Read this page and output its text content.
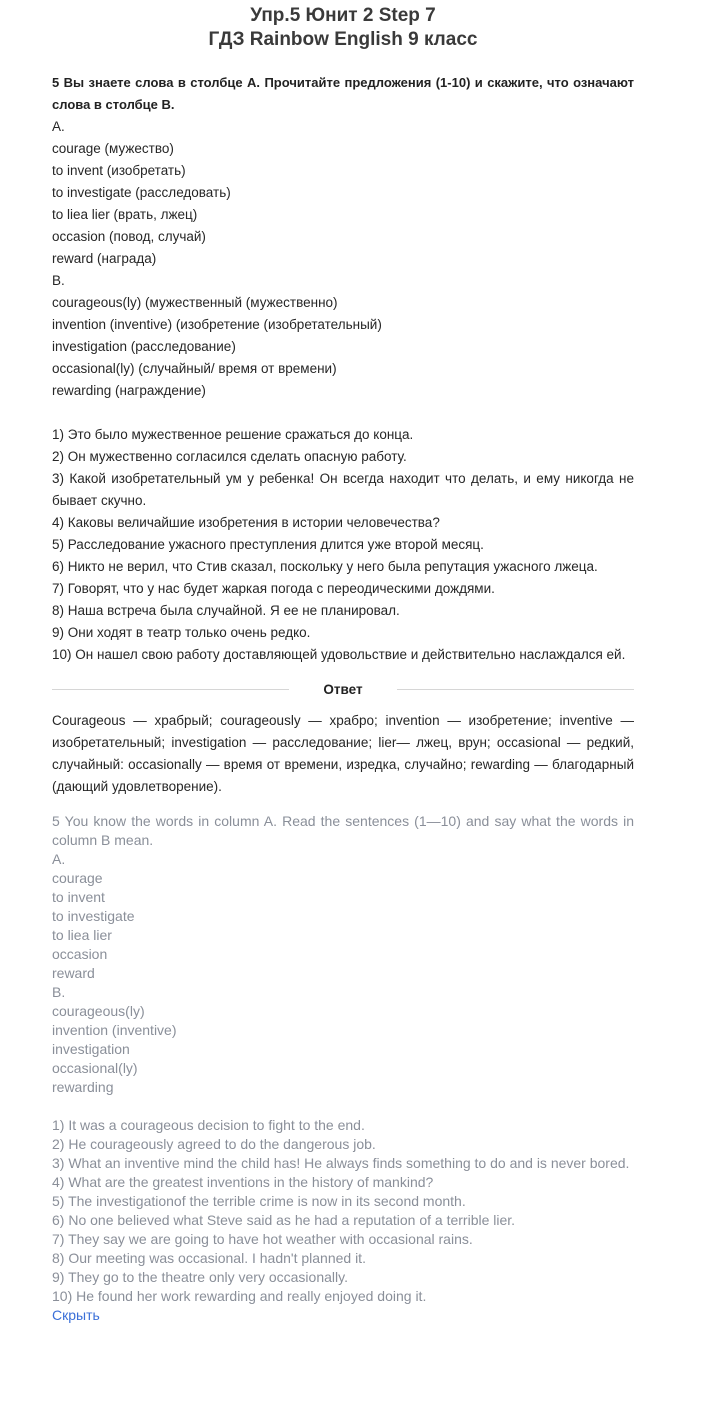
Упр.5 Юнит 2 Step 7
ГДЗ Rainbow English 9 класс
5 Вы знаете слова в столбце А. Прочитайте предложения (1-10) и скажите, что означают слова в столбце В.
A.
courage (мужество)
to invent (изобретать)
to investigate (расследовать)
to liea lier (врать, лжец)
occasion (повод, случай)
reward (награда)
B.
courageous(ly) (мужественный (мужественно)
invention (inventive) (изобретение (изобретательный)
investigation (расследование)
occasional(ly) (случайный/ время от времени)
rewarding (награждение)
1) Это было мужественное решение сражаться до конца.
2) Он мужественно согласился сделать опасную работу.
3) Какой изобретательный ум у ребенка! Он всегда находит что делать, и ему никогда не бывает скучно.
4) Каковы величайшие изобретения в истории человечества?
5) Расследование ужасного преступления длится уже второй месяц.
6) Никто не верил, что Стив сказал, поскольку у него была репутация ужасного лжеца.
7) Говорят, что у нас будет жаркая погода с переодическими дождями.
8) Наша встреча была случайной. Я ее не планировал.
9) Они ходят в театр только очень редко.
10) Он нашел свою работу доставляющей удовольствие и действительно наслаждался ей.
Ответ
Courageous — храбрый; courageously — храбро; invention — изобретение; inventive — изобретательный; investigation — расследование; lier— лжец, врун; occasional — редкий, случайный: occasionally — время от времени, изредка, случайно; rewarding — благодарный (дающий удовлетворение).
5 You know the words in column A. Read the sentences (1—10) and say what the words in column B mean.
A.
courage
to invent
to investigate
to liea lier
occasion
reward
B.
courageous(ly)
invention (inventive)
investigation
occasional(ly)
rewarding
1) It was a courageous decision to fight to the end.
2) He courageously agreed to do the dangerous job.
3) What an inventive mind the child has! He always finds something to do and is never bored.
4) What are the greatest inventions in the history of mankind?
5) The investigationof the terrible crime is now in its second month.
6) No one believed what Steve said as he had a reputation of a terrible lier.
7) They say we are going to have hot weather with occasional rains.
8) Our meeting was occasional. I hadn't planned it.
9) They go to the theatre only very occasionally.
10) He found her work rewarding and really enjoyed doing it.
Скрыть
